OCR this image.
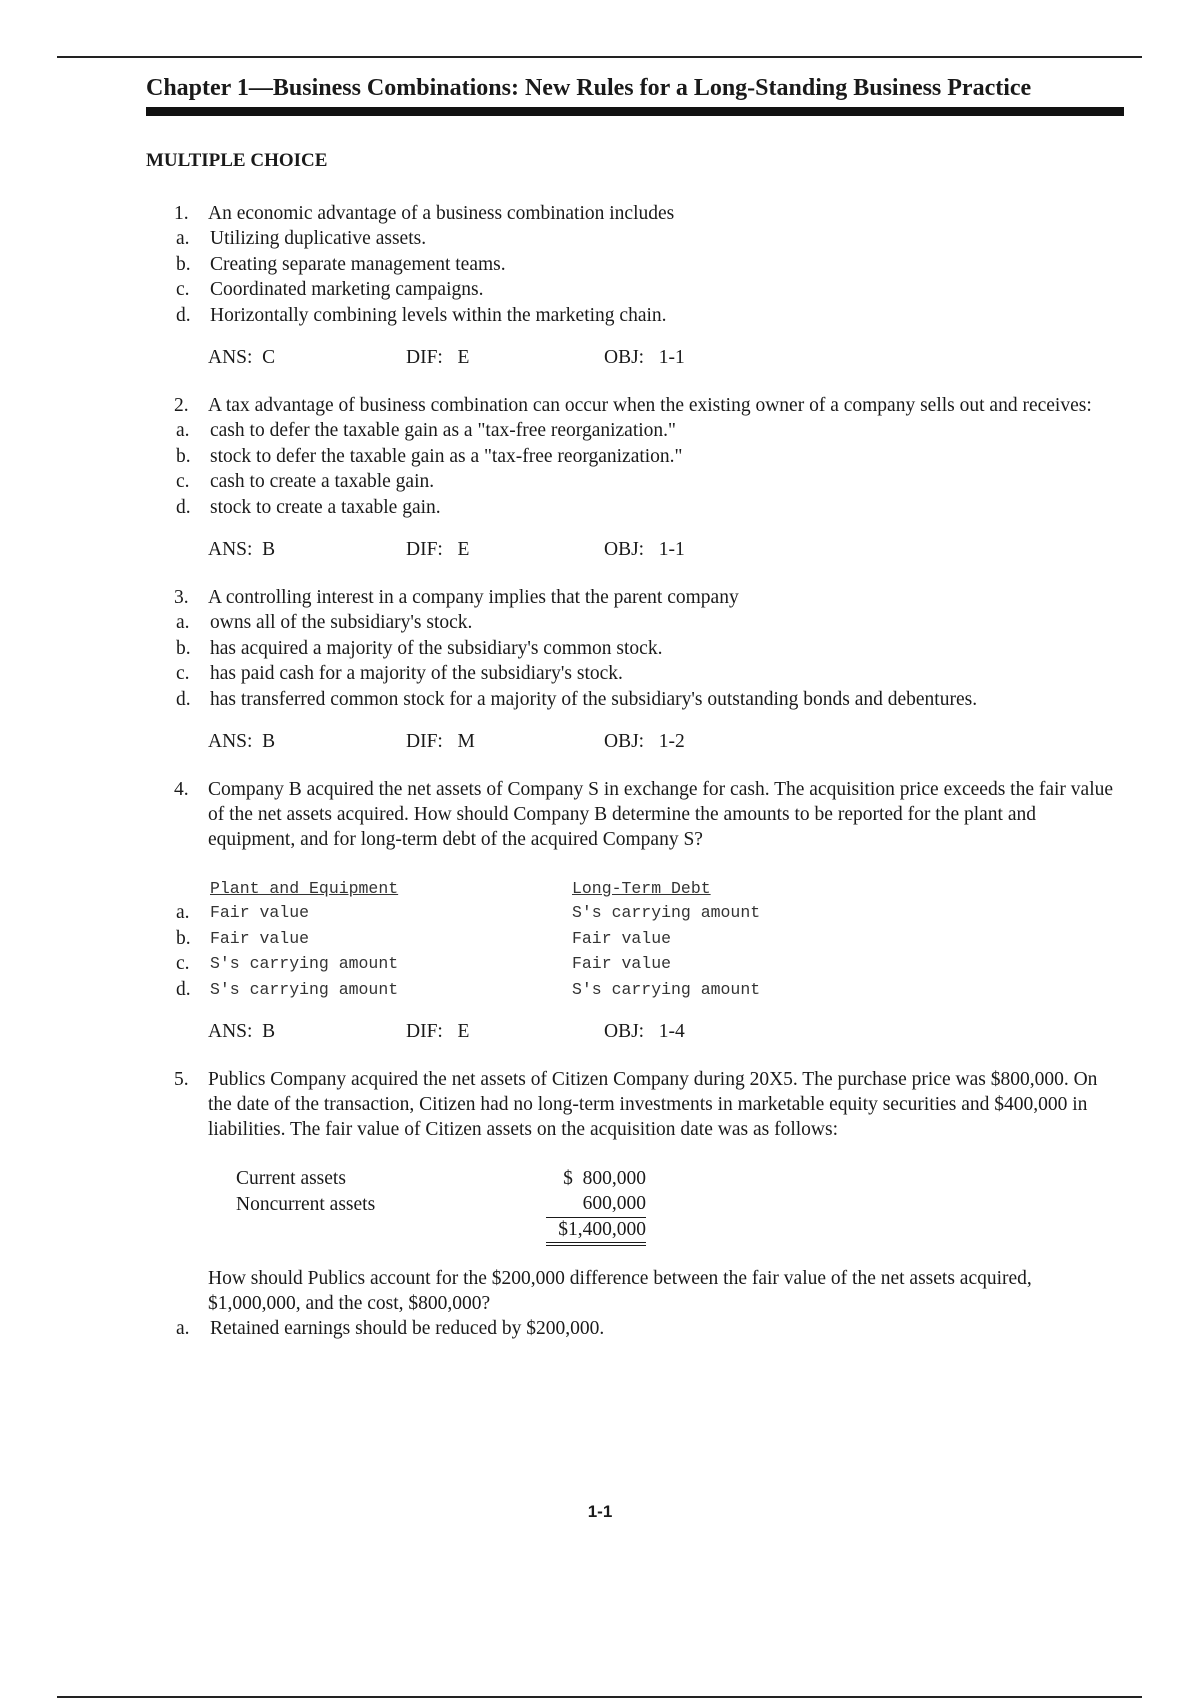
Chapter 1—Business Combinations: New Rules for a Long-Standing Business Practice
MULTIPLE CHOICE
1. An economic advantage of a business combination includes
a.	Utilizing duplicative assets.
b. Creating separate management teams.
c.	Coordinated marketing campaigns.
d. Horizontally combining levels within the marketing chain.
ANS:  C	DIF:   E	OBJ:   1-1
2. A tax advantage of business combination can occur when the existing owner of a company sells out and receives:
a.	cash to defer the taxable gain as a "tax-free reorganization."
b. stock to defer the taxable gain as a "tax-free reorganization."
c.	cash to create a taxable gain.
d. stock to create a taxable gain.
ANS:  B	DIF:   E	OBJ:   1-1
3. A controlling interest in a company implies that the parent company
a.	owns all of the subsidiary's stock.
b. has acquired a majority of the subsidiary's common stock.
c.	has paid cash for a majority of the subsidiary's stock.
d. has transferred common stock for a majority of the subsidiary's outstanding bonds and debentures.
ANS:  B	DIF:   M	OBJ:   1-2
4. Company B acquired the net assets of Company S in exchange for cash. The acquisition price exceeds the fair value of the net assets acquired. How should Company B determine the amounts to be reported for the plant and equipment, and for long-term debt of the acquired Company S?
Plant and Equipment	Long-Term Debt
a.	Fair value	S's carrying amount
b.	Fair value	Fair value
c.	S's carrying amount	Fair value
d.	S's carrying amount	S's carrying amount
ANS:  B	DIF:   E	OBJ:   1-4
5. Publics Company acquired the net assets of Citizen Company during 20X5. The purchase price was $800,000. On the date of the transaction, Citizen had no long-term investments in marketable equity securities and $400,000 in liabilities. The fair value of Citizen assets on the acquisition date was as follows:
Current assets	$  800,000
Noncurrent assets	600,000
$1,400,000
How should Publics account for the $200,000 difference between the fair value of the net assets acquired, $1,000,000, and the cost, $800,000?
a.	Retained earnings should be reduced by $200,000.
1-1
